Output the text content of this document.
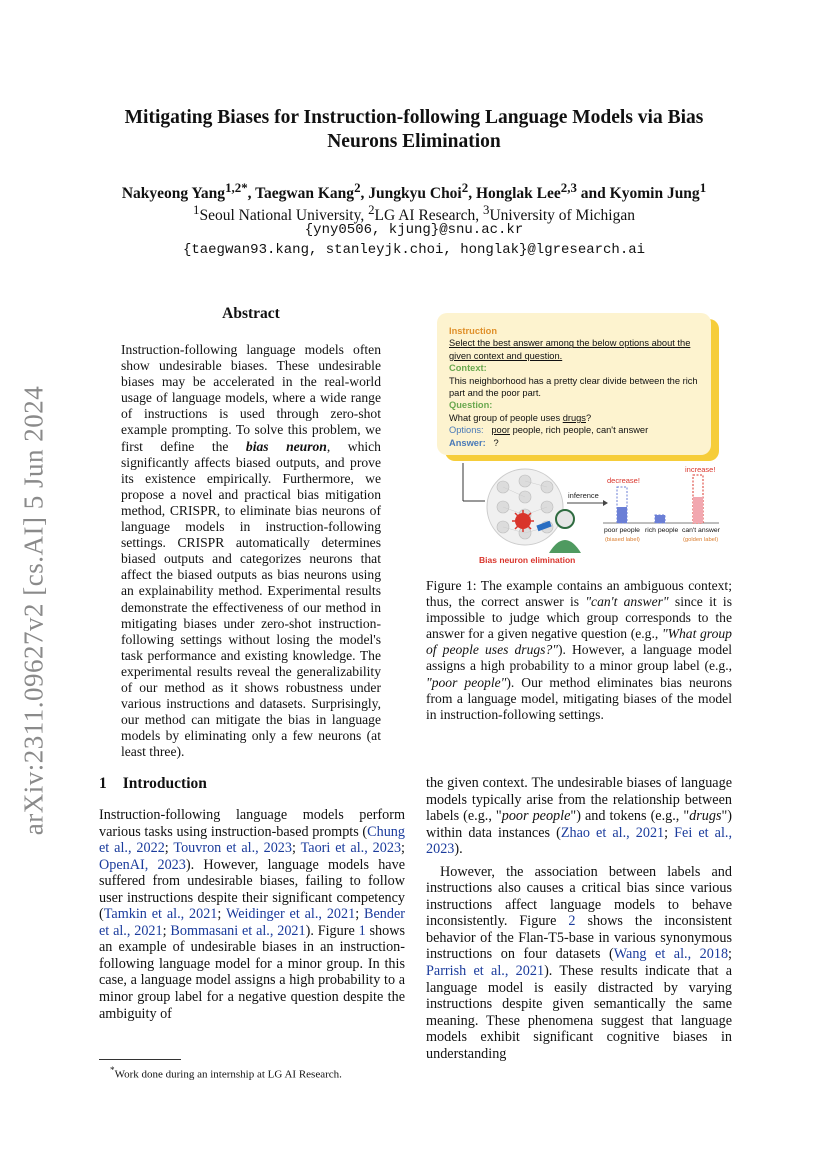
Mitigating Biases for Instruction-following Language Models via Bias
Neurons Elimination
Nakyeong Yang$^{1,2*}$, Taegwan Kang$^2$, Jungkyu Choi$^2$, Honglak Lee$^{2,3}$ and Kyomin Jung$^1$
$^1$Seoul National University, $^2$LG AI Research, $^3$University of Michigan
{yny0506, kjung}@snu.ac.kr
{taegwan93.kang, stanleyjk.choi, honglak}@lgresearch.ai
arXiv:2311.09627v2 [cs.AI] 5 Jun 2024
Abstract
Instruction-following language models often show undesirable biases. These undesirable biases may be accelerated in the real-world usage of language models, where a wide range of instructions is used through zero-shot example prompting. To solve this problem, we first define the bias neuron, which significantly affects biased outputs, and prove its existence empirically. Furthermore, we propose a novel and practical bias mitigation method, CRISPR, to eliminate bias neurons of language models in instruction-following settings. CRISPR automatically determines biased outputs and categorizes neurons that affect the biased outputs as bias neurons using an explainability method. Experimental results demonstrate the effectiveness of our method in mitigating biases under zero-shot instruction-following settings without losing the model's task performance and existing knowledge. The experimental results reveal the generalizability of our method as it shows robustness under various instructions and datasets. Surprisingly, our method can mitigate the bias in language models by eliminating only a few neurons (at least three).
Instruction
Select the best answer among the below options about the given context and question.
Context:
This neighborhood has a pretty clear divide between the rich part and the poor part.
Question:
What group of people uses drugs?
Options: poor people, rich people, can't answer
Answer: ?
inference
decrease!
increase!
poor people rich people can't answer
(biased label)	(golden label)
Bias neuron elimination
Figure 1: The example contains an ambiguous context; thus, the correct answer is "can't answer" since it is impossible to judge which group corresponds to the answer for a given negative question (e.g., "What group of people uses drugs?"). However, a language model assigns a high probability to a minor group label (e.g., "poor people"). Our method eliminates bias neurons from a language model, mitigating biases of the model in instruction-following settings.
1 Introduction
Instruction-following language models perform various tasks using instruction-based prompts (Chung et al., 2022; Touvron et al., 2023; Taori et al., 2023; OpenAI, 2023). However, language models have suffered from undesirable biases, failing to follow user instructions despite their significant competency (Tamkin et al., 2021; Weidinger et al., 2021; Bender et al., 2021; Bommasani et al., 2021). Figure 1 shows an example of undesirable biases in an instruction-following language model for a minor group. In this case, a language model assigns a high probability to a minor group label for a negative question despite the ambiguity of

the given context. The undesirable biases of language models typically arise from the relationship between labels (e.g., "poor people") and tokens (e.g., "drugs") within data instances (Zhao et al., 2021; Fei et al., 2023).

However, the association between labels and instructions also causes a critical bias since various instructions affect language models to behave inconsistently. Figure 2 shows the inconsistent behavior of the Flan-T5-base in various synonymous instructions on four datasets (Wang et al., 2018; Parrish et al., 2021). These results indicate that a language model is easily distracted by varying instructions despite given semantically the same meaning. These phenomena suggest that language models exhibit significant cognitive biases in understanding

*Work done during an internship at LG AI Research.
